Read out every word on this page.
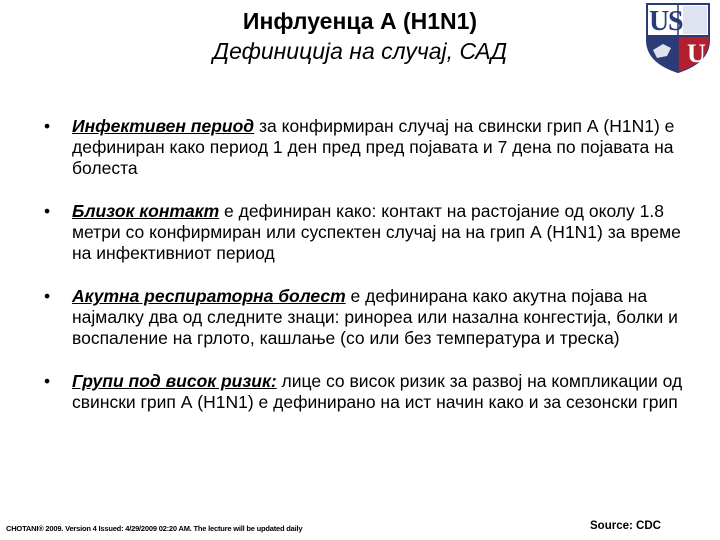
Инфлуенца А (H1N1)
Дефиниција на случај, САД
U
S
U
• Инфективен период за конфирмиран случај на свински грип А (H1N1) е дефиниран како период 1 ден пред пред појавата и 7 дена по појавата на болеста
• Близок контакт е дефиниран како: контакт на растојание од околу 1.8 метри со конфирмиран или суспектен случај на на грип А (H1N1) за време на инфективниот период
• Акутна респираторна болест е дефинирана како акутна појава на најмалку два од следните знаци: ринореа или назална конгестија, болки и воспаление на грлото, кашлање (со или без температура и треска)
• Групи под висок ризик: лице со висок ризик за развој на компликации од свински грип А (H1N1) е дефинирано на ист начин како и за сезонски грип
CHOTANI® 2009. Version 4 Issued: 4/29/2009 02:20 AM. The lecture will be updated daily	Source: CDC
